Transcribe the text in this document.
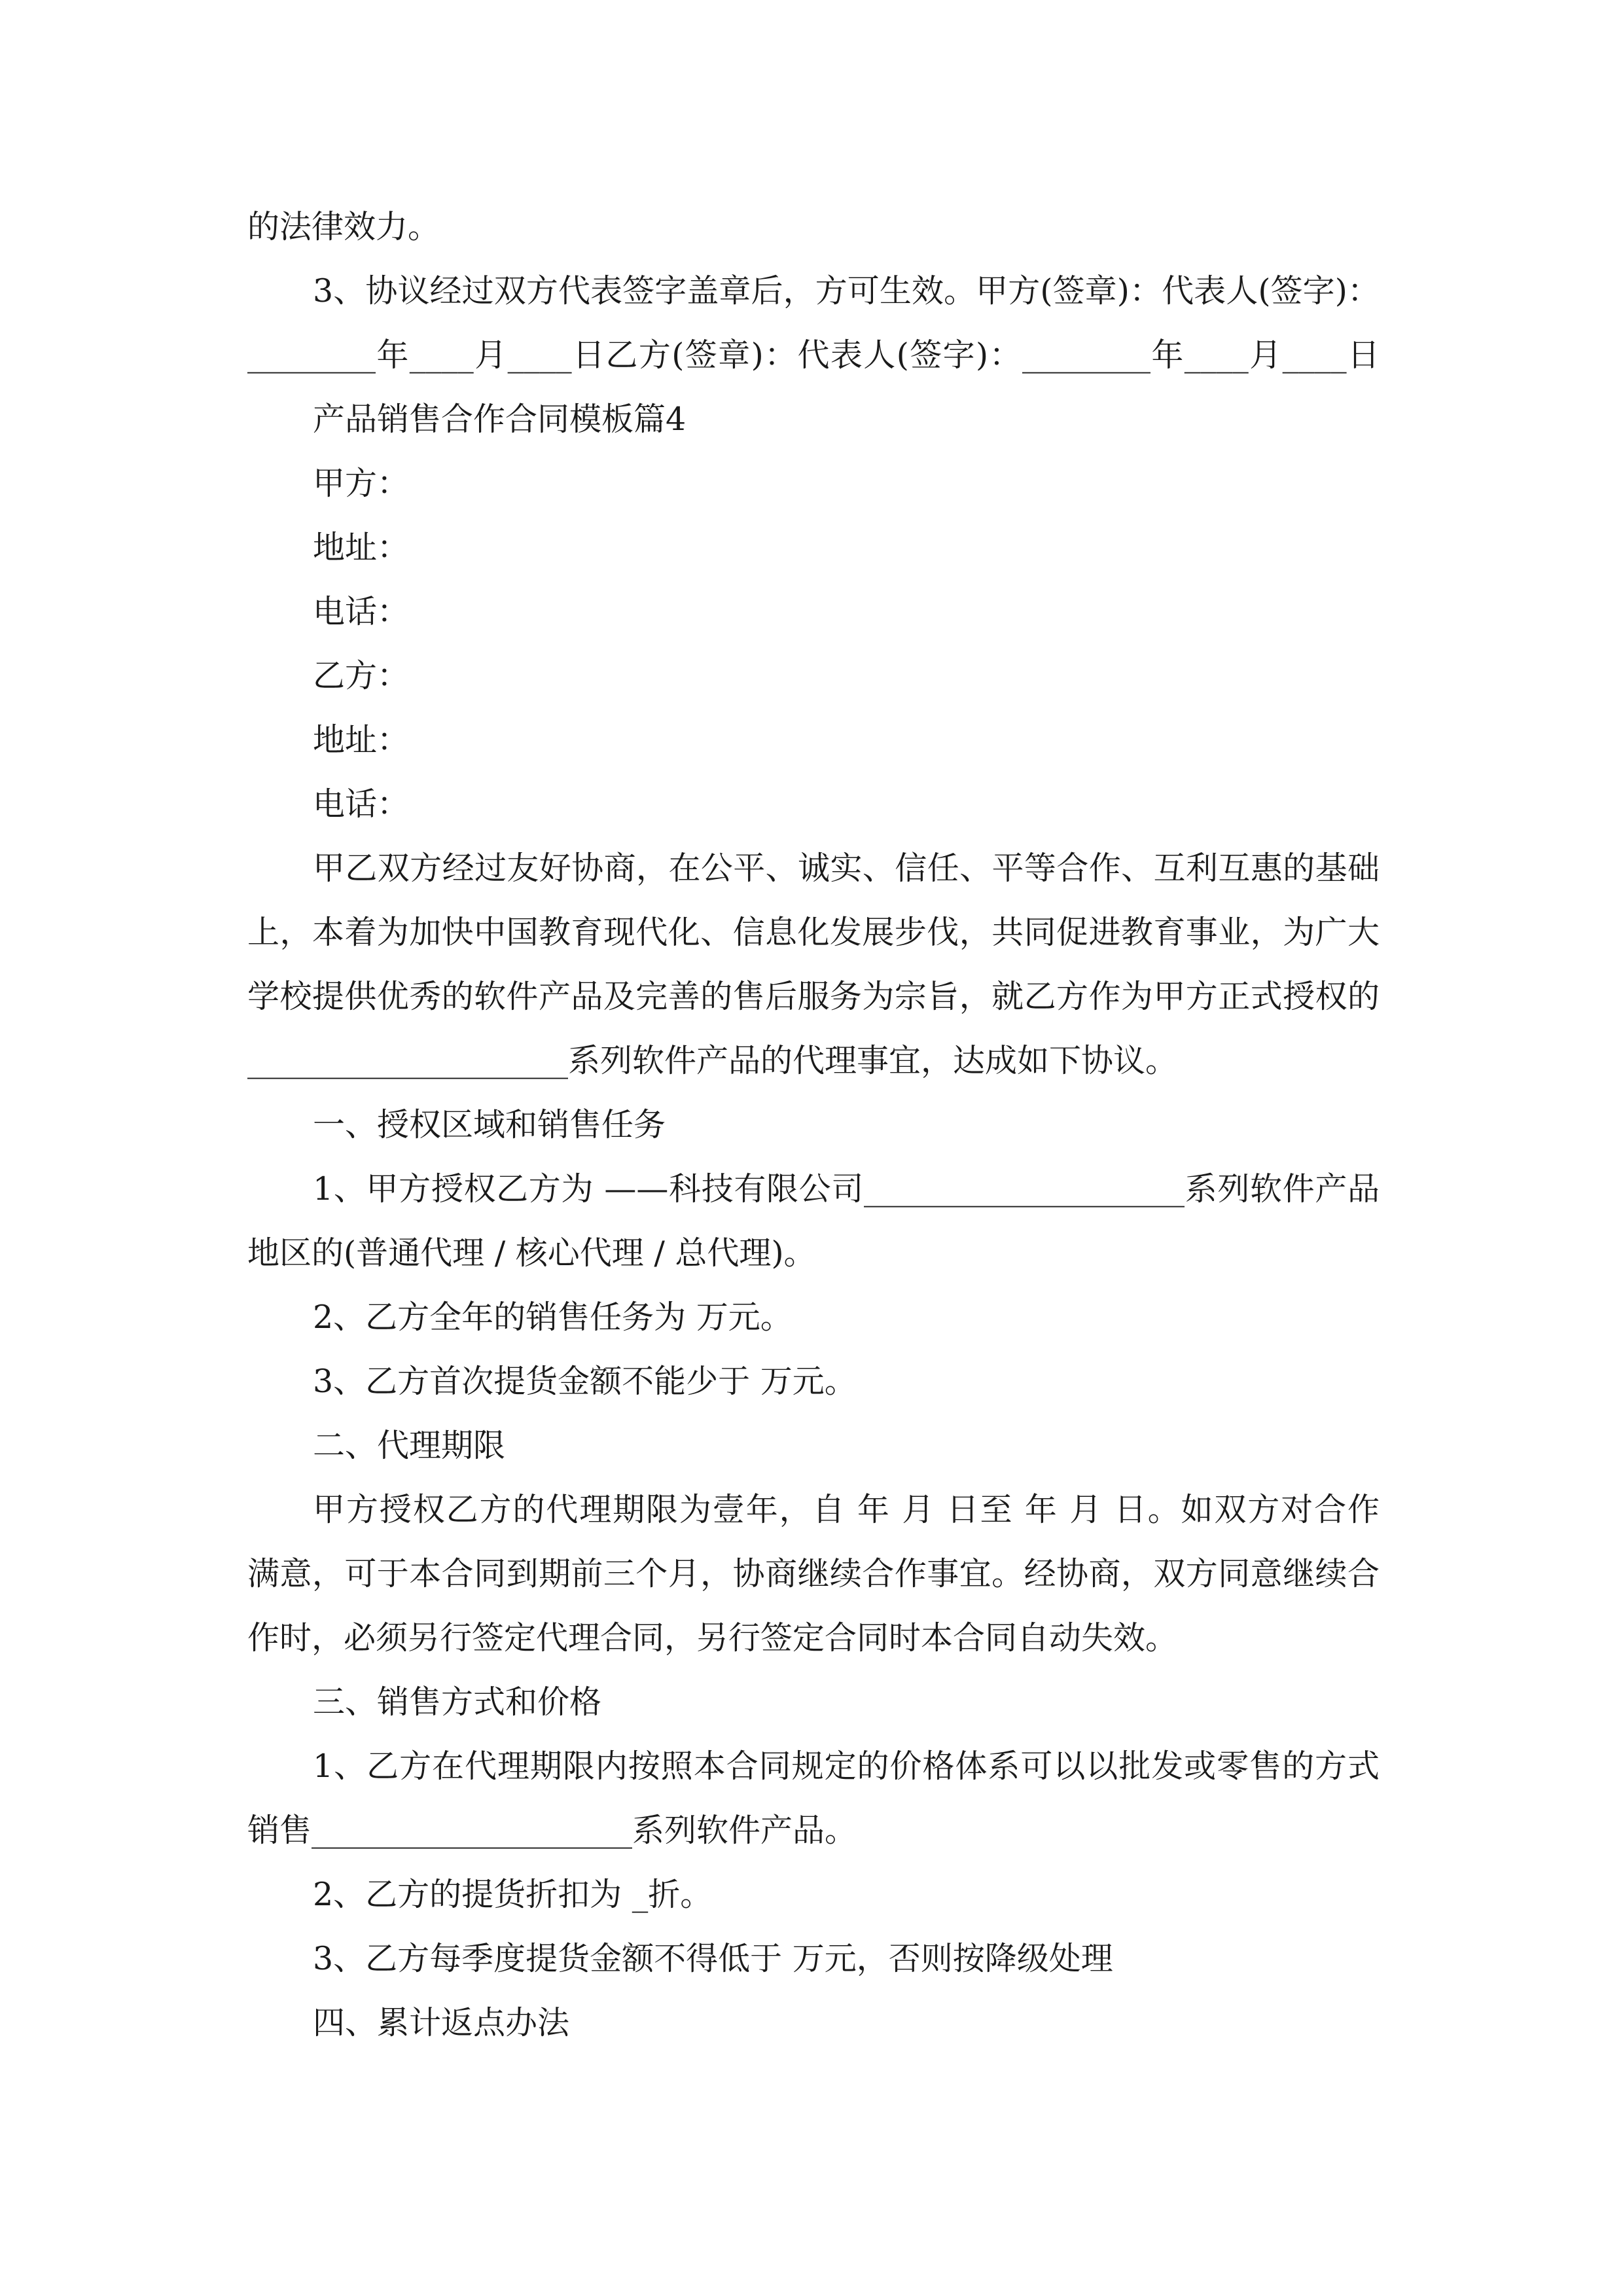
的法律效力。
3、协议经过双方代表签字盖章后，方可生效。甲方(签章)：代表人(签字)：
________年____月____日乙方(签章)：代表人(签字)：________年____月____日
产品销售合作合同模板篇4
甲方：
地址：
电话：
乙方：
地址：
电话：
甲乙双方经过友好协商，在公平、诚实、信任、平等合作、互利互惠的基础
上，本着为加快中国教育现代化、信息化发展步伐，共同促进教育事业，为广大
学校提供优秀的软件产品及完善的售后服务为宗旨，就乙方作为甲方正式授权的
____________________系列软件产品的代理事宜，达成如下协议。
一、授权区域和销售任务
1、甲方授权乙方为 ——科技有限公司____________________系列软件产品
地区的(普通代理 / 核心代理 / 总代理)。
2、乙方全年的销售任务为 万元。
3、乙方首次提货金额不能少于 万元。
二、代理期限
甲方授权乙方的代理期限为壹年，自 年 月 日至 年 月 日。如双方对合作
满意，可于本合同到期前三个月，协商继续合作事宜。经协商，双方同意继续合
作时，必须另行签定代理合同，另行签定合同时本合同自动失效。
三、销售方式和价格
1、乙方在代理期限内按照本合同规定的价格体系可以以批发或零售的方式
销售____________________系列软件产品。
2、乙方的提货折扣为 _折。
3、乙方每季度提货金额不得低于 万元，否则按降级处理
四、累计返点办法
